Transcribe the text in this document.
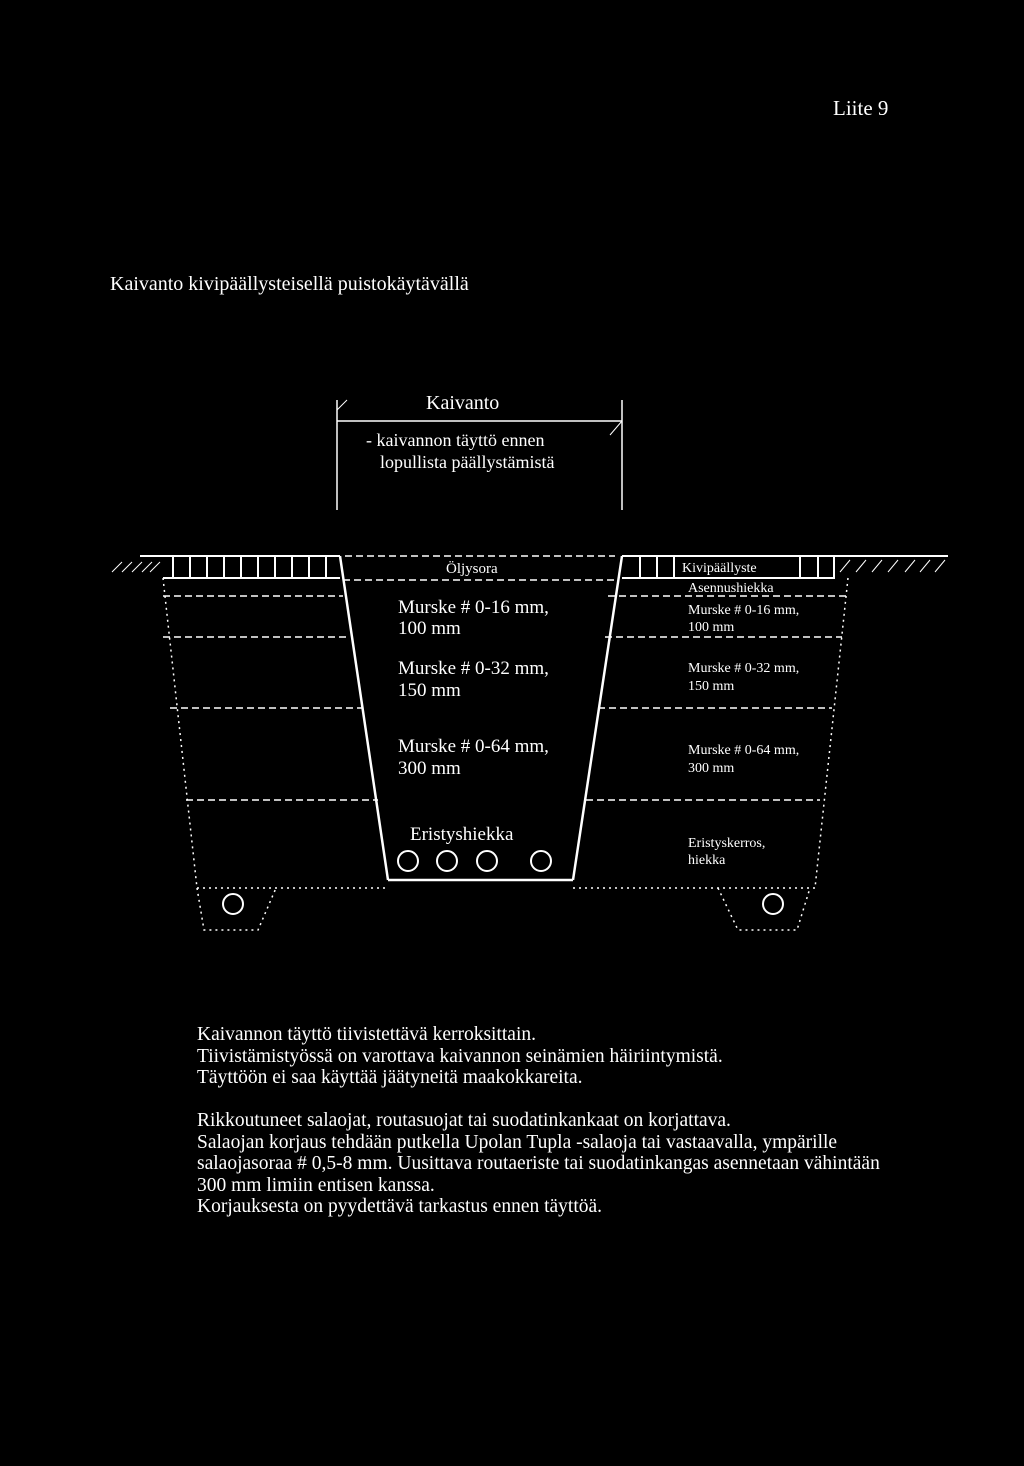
Liite 9
Kaivanto kivipäällysteisellä puistokäytävällä
Kaivanto
- kaivannon täyttö ennen
lopullista päällystämistä
Öljysora
Murske # 0-16 mm,
100 mm
Murske # 0-32 mm,
150 mm
Murske # 0-64 mm,
300 mm
Eristyshiekka
Kivipäällyste
Asennushiekka
Murske # 0-16 mm,
100 mm
Murske # 0-32 mm,
150 mm
Murske # 0-64 mm,
300 mm
Eristyskerros,
hiekka
Kaivannon täyttö tiivistettävä kerroksittain.
Tiivistämistyössä on varottava kaivannon seinämien häiriintymistä.
Täyttöön ei saa käyttää jäätyneitä maakokkareita.
Rikkoutuneet salaojat, routasuojat tai suodatinkankaat on korjattava.
Salaojan korjaus tehdään putkella Upolan Tupla -salaoja tai vastaavalla, ympärille
salaojasoraa # 0,5-8 mm. Uusittava routaeriste tai suodatinkangas asennetaan vähintään
300 mm limiin entisen kanssa.
Korjauksesta on pyydettävä tarkastus ennen täyttöä.
